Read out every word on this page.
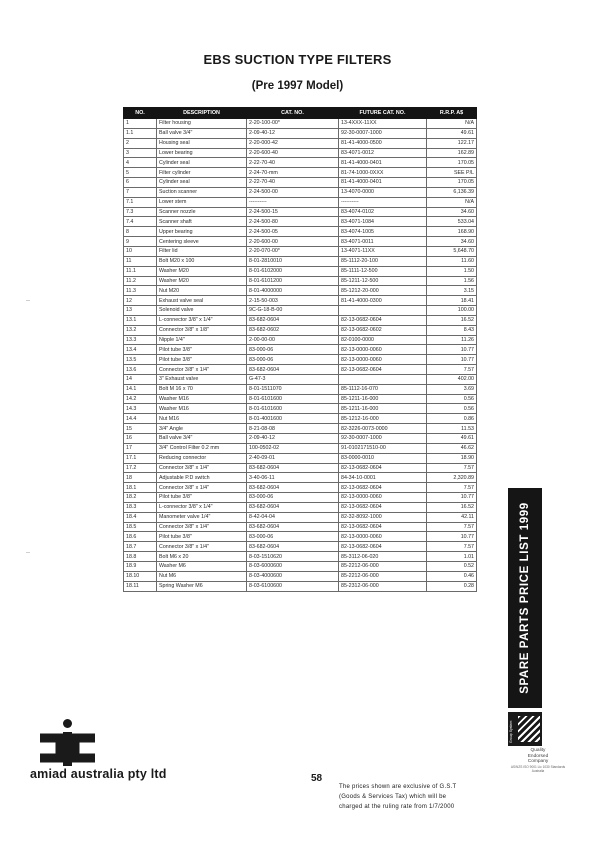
EBS SUCTION TYPE FILTERS
(Pre 1997 Model)
NO.	DESCRIPTION	CAT. NO.	FUTURE CAT. NO.	R.R.P. A$
1	Filter housing	2-20-100-00*	13-4XXX-11XX	N/A
1.1	Ball valve 3/4"	2-09-40-12	92-30-0007-1000	49.61
2	Housing seal	2-20-000-42	81-41-4000-0500	122.17
3	Lower bearing	2-20-600-40	83-4071-0012	162.89
4	Cylinder seal	2-22-70-40	81-41-4000-0401	170.05
5	Filter cylinder	2-24-70-mm	81-74-1000-0XXX	SEE P/L
6	Cylinder seal	2-22-70-40	81-41-4000-0401	170.05
7	Suction scanner	2-24-500-00	13-4070-0000	6,136.39
7.1	Lower stem	----------	----------	N/A
7.3	Scanner nozzle	2-24-500-15	83-4074-0102	34.60
7.4	Scanner shaft	2-24-500-80	83-4071-1084	533.04
8	Upper bearing	2-24-500-05	83-4074-1005	168.90
9	Centering sleeve	2-20-600-00	83-4071-0011	34.60
10	Filter lid	2-20-070-00*	13-4071-11XX	5,648.70
11	Bolt M20 x 100	8-01-2810010	85-1112-20-100	11.60
11.1	Washer M20	8-01-6102000	85-1111-12-500	1.50
11.2	Washer M20	8-01-6101200	85-1211-12-500	1.56
11.3	Nut M20	8-01-4000000	85-1212-20-000	3.15
12	Exhaust valve seal	2-15-50-003	81-41-4000-0300	18.41
13	Solenoid valve	9C-G-18-B-00		100.00
13.1	L-connector 3/8" x 1/4"	83-682-0604	82-13-0682-0604	16.52
13.2	Connector 3/8" x 1/8"	83-682-0602	82-13-0682-0602	8.43
13.3	Nipple 1/4"	2-00-00-00	82-0100-0000	11.26
13.4	Pilot tube 3/8"	83-000-06	82-13-0000-0060	10.77
13.5	Pilot tube 3/8"	83-000-06	82-13-0000-0060	10.77
13.6	Connector 3/8" x 1/4"	83-682-0604	82-13-0682-0604	7.57
14	3" Exhaust valve	G-47-3		402.00
14.1	Bolt M 16 x 70	8-01-1511070	85-1112-16-070	3.69
14.2	Washer M16	8-01-6101600	85-1211-16-000	0.56
14.3	Washer M16	8-01-6101600	85-1211-16-000	0.56
14.4	Nut M16	8-01-4001600	85-1212-16-000	0.86
15	3/4" Angle	8-21-08-08	82-3226-0073-0000	11.53
16	Ball valve 3/4"	2-09-40-12	92-30-0007-1000	49.61
17	3/4" Control Filter 0.2 mm	100-0502-02	91-0102171510-00	46.62
17.1	Reducing connector	2-40-09-01	83-0000-0010	18.90
17.2	Connector 3/8" x 1/4"	83-682-0604	82-13-0682-0604	7.57
18	Adjustable P.D switch	3-40-06-11	84-34-10-0001	2,320.89
18.1	Connector 3/8" x 1/4"	83-682-0604	82-13-0682-0604	7.57
18.2	Pilot tube 3/8"	83-000-06	82-13-0000-0060	10.77
18.3	L-connector 3/8" x 1/4"	83-682-0604	82-13-0682-0604	16.52
18.4	Manometer valve 1/4"	8-42-04-04	82-32-8092-1000	42.11
18.5	Connector 3/8" x 1/4"	83-682-0604	82-13-0682-0604	7.57
18.6	Pilot tube 3/8"	83-000-06	82-13-0000-0060	10.77
18.7	Connector 3/8" x 1/4"	83-682-0604	82-13-0682-0604	7.57
18.8	Bolt M6 x 20	8-03-1510620	85-3112-06-020	1.01
18.9	Washer M6	8-03-6000600	85-2212-06-000	0.52
18.10	Nut M6	8-03-4000600	85-2212-06-000	0.46
18.11	Spring Washer M6	8-03-6100600	85-2312-06-000	0.28	SPARE PARTS PRICE LIST 1999
Group System
Quality
Endorsed
Company
AS/NZS ISO 9001 Lic 1030 Standards Australia
amiad australia pty ltd	58

The prices shown are exclusive of G.S.T

(Goods & Services Tax) which will be

charged at the ruling rate from 1/7/2000
